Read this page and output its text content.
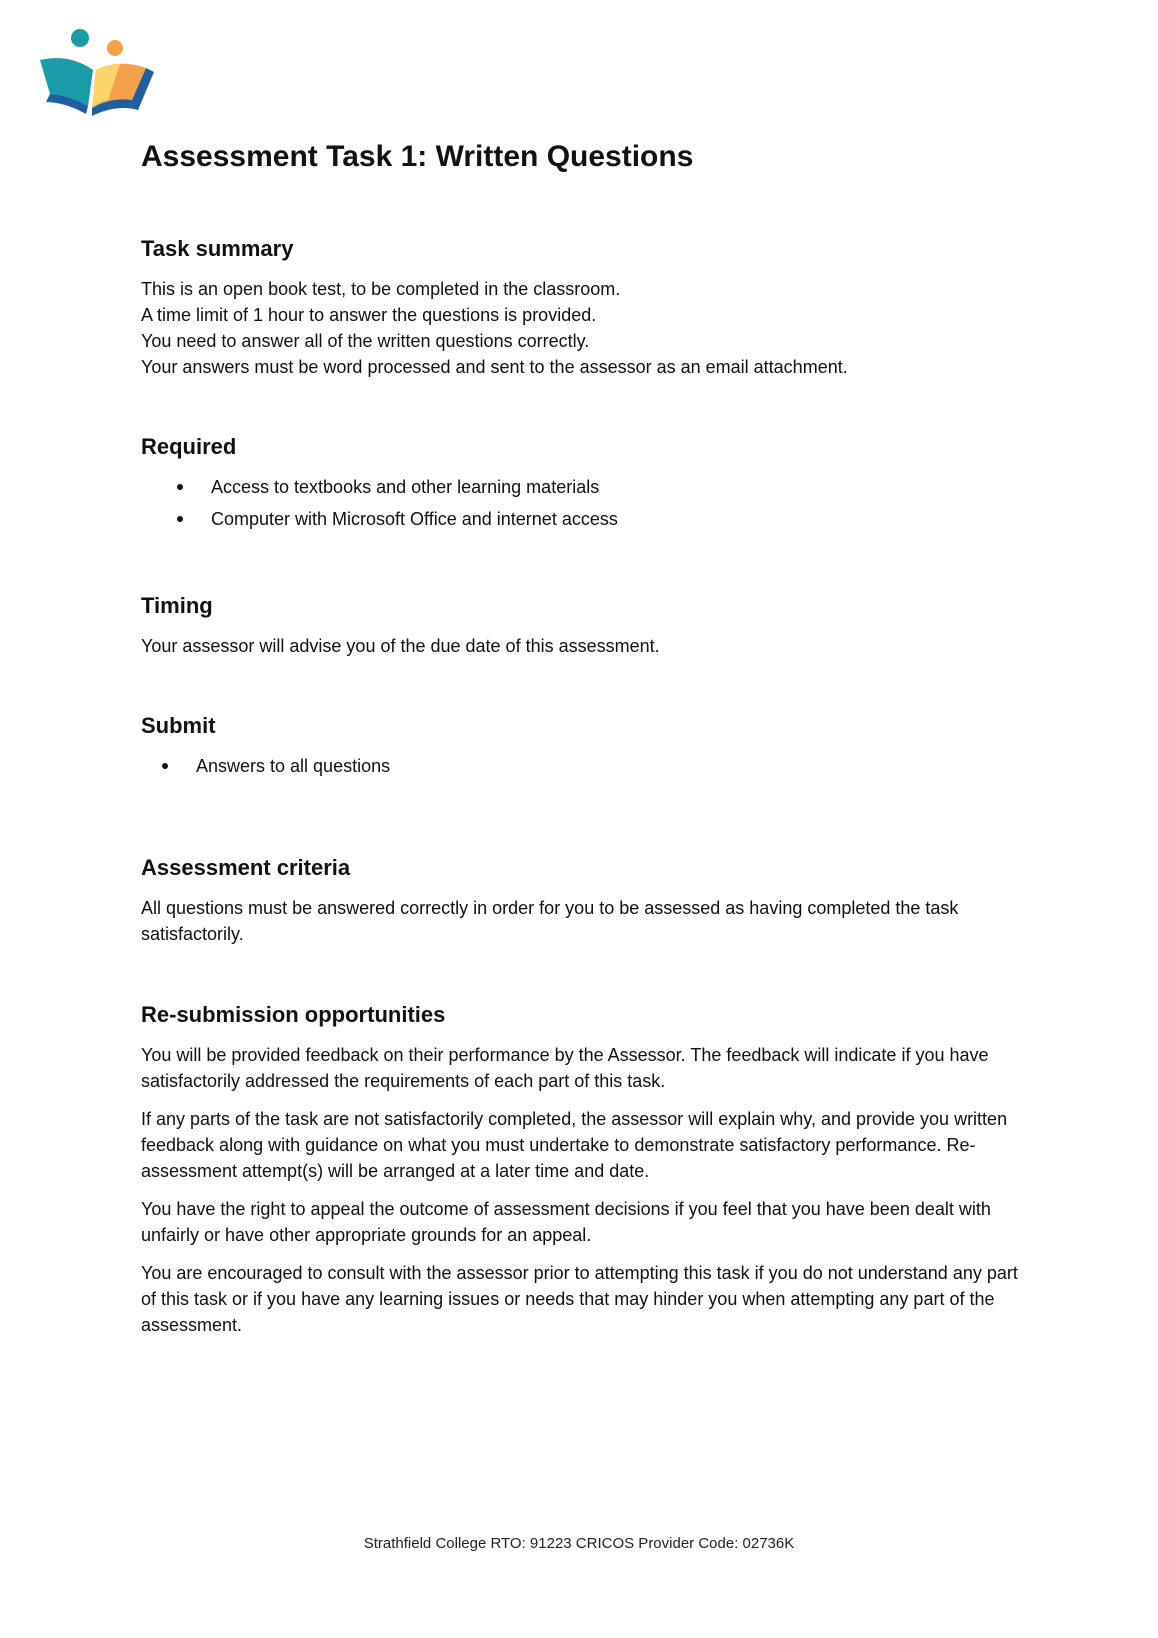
Assessment Task 1: Written Questions
Task summary

This is an open book test, to be completed in the classroom.

A time limit of 1 hour to answer the questions is provided.

You need to answer all of the written questions correctly.

Your answers must be word processed and sent to the assessor as an email attachment.

Required
Access to textbooks and other learning materials
Computer with Microsoft Office and internet access
Timing

Your assessor will advise you of the due date of this assessment.

Submit
Answers to all questions
Assessment criteria

All questions must be answered correctly in order for you to be assessed as having completed the task satisfactorily.

Re-submission opportunities

You will be provided feedback on their performance by the Assessor. The feedback will indicate if you have satisfactorily addressed the requirements of each part of this task.

If any parts of the task are not satisfactorily completed, the assessor will explain why, and provide you written feedback along with guidance on what you must undertake to demonstrate satisfactory performance. Re-assessment attempt(s) will be arranged at a later time and date.

You have the right to appeal the outcome of assessment decisions if you feel that you have been dealt with unfairly or have other appropriate grounds for an appeal.

You are encouraged to consult with the assessor prior to attempting this task if you do not understand any part of this task or if you have any learning issues or needs that may hinder you when attempting any part of the assessment.

Strathfield College RTO: 91223 CRICOS Provider Code: 02736K
